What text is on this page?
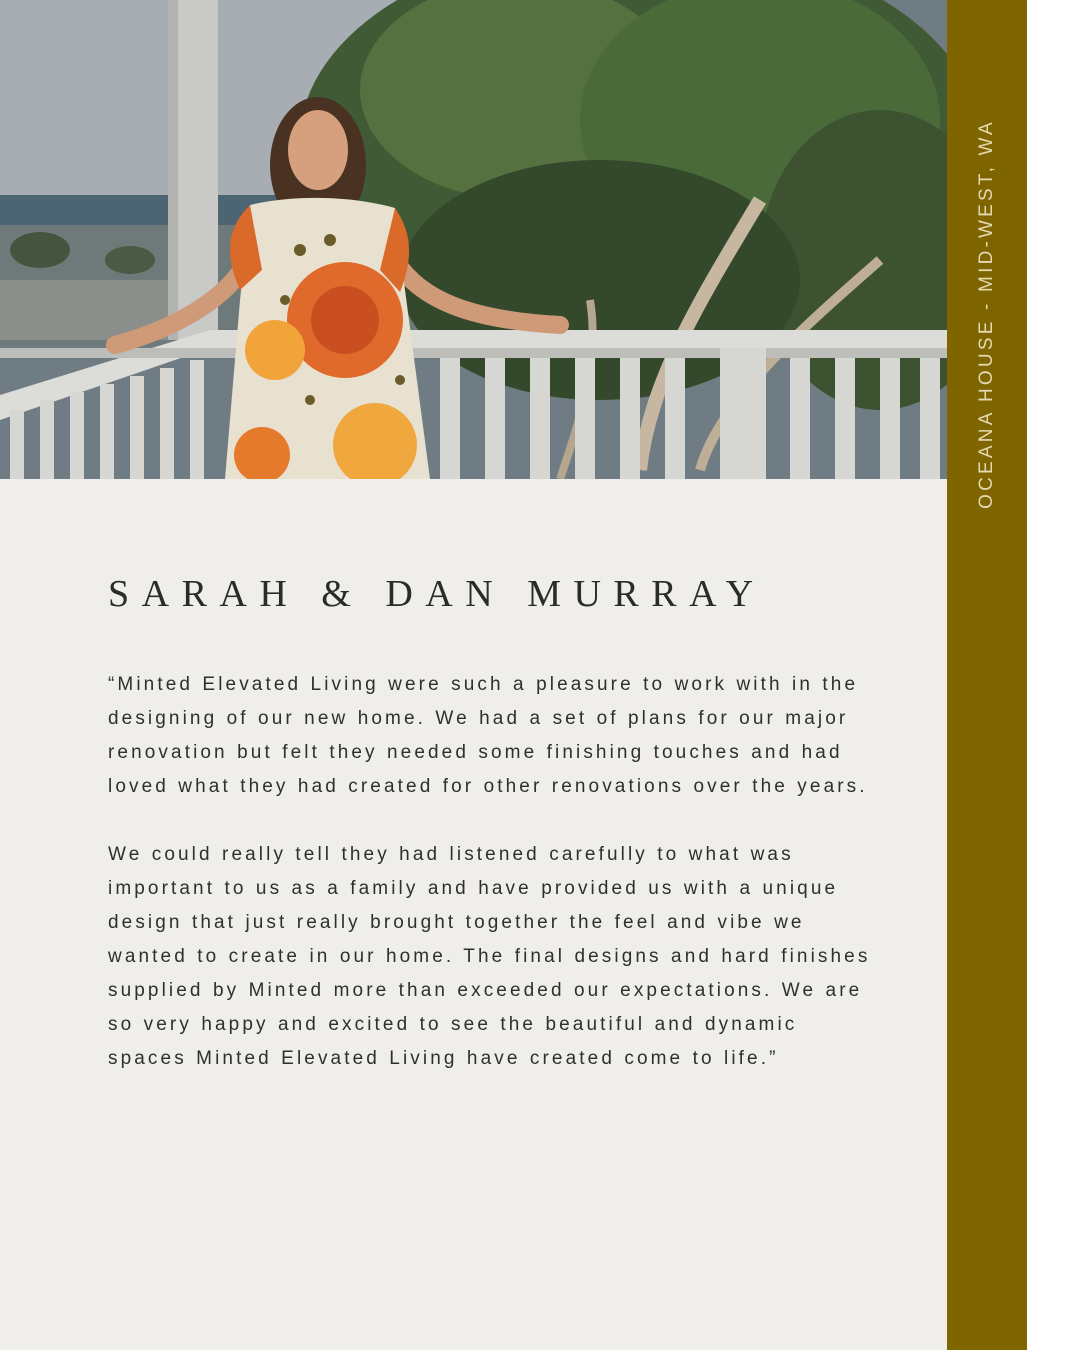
OCEANA HOUSE - MID-WEST, WA
SARAH & DAN MURRAY

“Minted Elevated Living were such a pleasure to work with in the designing of our new home. We had a set of plans for our major renovation but felt they needed some finishing touches and had loved what they had created for other renovations over the years.

We could really tell they had listened carefully to what was important to us as a family and have provided us with a unique design that just really brought together the feel and vibe we wanted to create in our home. The final designs and hard finishes supplied by Minted more than exceeded our expectations. We are so very happy and excited to see the beautiful and dynamic spaces Minted Elevated Living have created come to life.”
